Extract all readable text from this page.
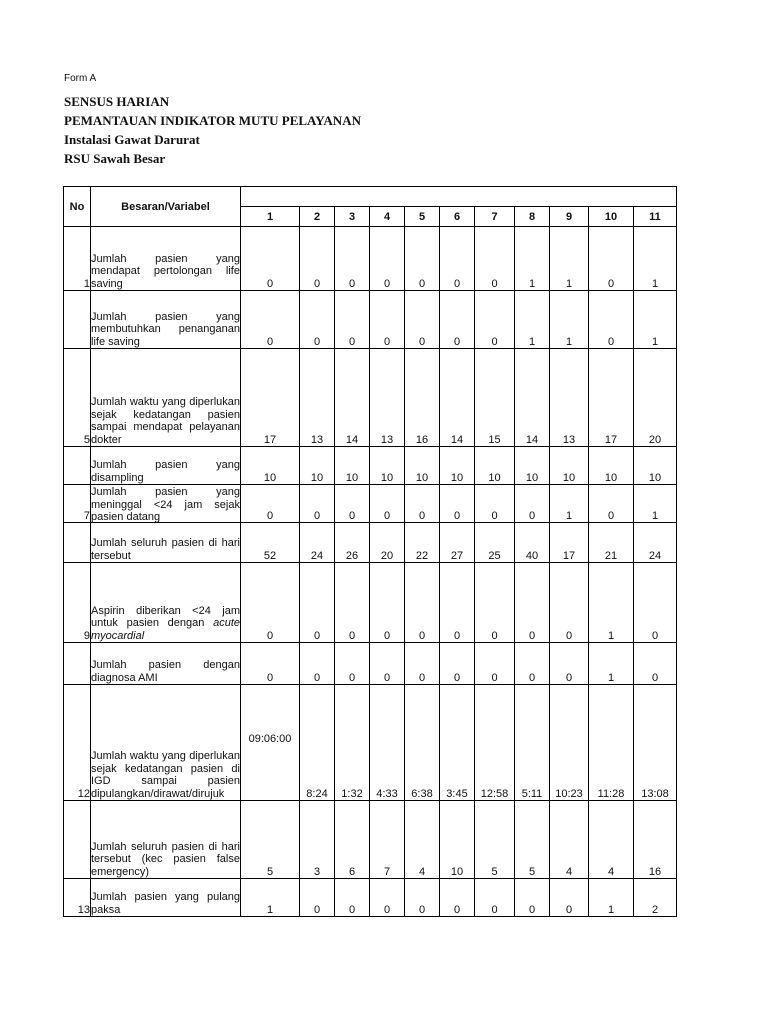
Form A
SENSUS HARIAN
PEMANTAUAN INDIKATOR MUTU PELAYANAN
Instalasi Gawat Darurat
RSU Sawah Besar
No	Besaran/Variabel											
		1	2	3	4	5	6	7	8	9	10	11
1	Jumlah pasien yang mendapat pertolongan life saving	0	0	0	0	0	0	0	1	1	0	1

	Jumlah pasien yang membutuhkan penanganan life saving	0	0	0	0	0	0	0	1	1	0	1
5	Jumlah waktu yang diperlukan sejak kedatangan pasien sampai mendapat pelayanan dokter	17	13	14	13	16	14	15	14	13	17	20

	Jumlah pasien yang disampling	10	10	10	10	10	10	10	10	10	10	10
7	Jumlah pasien yang meninggal <24 jam sejak pasien datang	0	0	0	0	0	0	0	0	1	0	1

	Jumlah seluruh pasien di hari tersebut	52	24	26	20	22	27	25	40	17	21	24
9	Aspirin diberikan <24 jam untuk pasien dengan acute myocardial	0	0	0	0	0	0	0	0	0	1	0

	Jumlah pasien dengan diagnosa AMI	0	0	0	0	0	0	0	0	0	1	0
12	Jumlah waktu yang diperlukan sejak kedatangan pasien di IGD sampai pasien dipulangkan/dirawat/dirujuk	09:06:00	8:24	1:32	4:33	6:38	3:45	12:58	5:11	10:23	11:28	13:08

	Jumlah seluruh pasien di hari tersebut (kec pasien false emergency)	5	3	6	7	4	10	5	5	4	4	16
13	Jumlah pasien yang pulang paksa	1	0	0	0	0	0	0	0	0	1	2
